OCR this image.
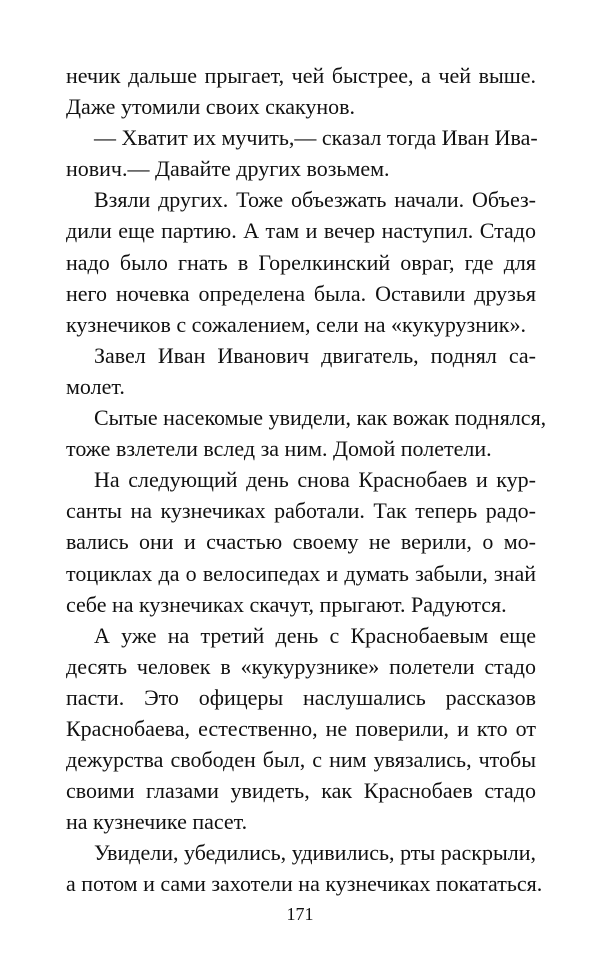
нечик дальше прыгает, чей быстрее, а чей выше.
Даже утомили своих скакунов.
— Хватит их мучить,— сказал тогда Иван Ива-
нович.— Давайте других возьмем.
Взяли других. Тоже объезжать начали. Объез-
дили еще партию. А там и вечер наступил. Стадо
надо было гнать в Горелкинский овраг, где для
него ночевка определена была. Оставили друзья
кузнечиков с сожалением, сели на «кукурузник».
Завел Иван Иванович двигатель, поднял са-
молет.
Сытые насекомые увидели, как вожак поднялся,
тоже взлетели вслед за ним. Домой полетели.
На следующий день снова Краснобаев и кур-
санты на кузнечиках работали. Так теперь радо-
вались они и счастью своему не верили, о мо-
тоциклах да о велосипедах и думать забыли, знай
себе на кузнечиках скачут, прыгают. Радуются.
А уже на третий день с Краснобаевым еще
десять человек в «кукурузнике» полетели стадо
пасти. Это офицеры наслушались рассказов
Краснобаева, естественно, не поверили, и кто от
дежурства свободен был, с ним увязались, чтобы
своими глазами увидеть, как Краснобаев стадо
на кузнечике пасет.
Увидели, убедились, удивились, рты раскрыли,
а потом и сами захотели на кузнечиках покататься.
171
